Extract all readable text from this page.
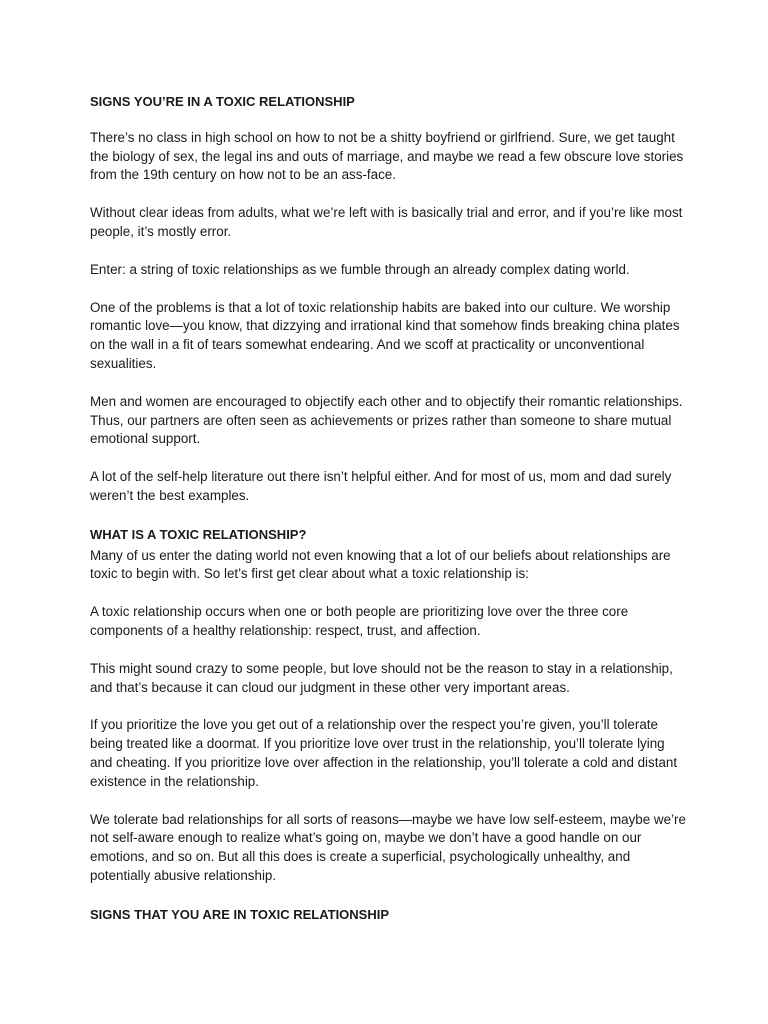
SIGNS YOU’RE IN A TOXIC RELATIONSHIP

There’s no class in high school on how to not be a shitty boyfriend or girlfriend. Sure, we get taught the biology of sex, the legal ins and outs of marriage, and maybe we read a few obscure love stories from the 19th century on how not to be an ass-face.

Without clear ideas from adults, what we’re left with is basically trial and error, and if you’re like most people, it’s mostly error.

Enter: a string of toxic relationships as we fumble through an already complex dating world.

One of the problems is that a lot of toxic relationship habits are baked into our culture. We worship romantic love—you know, that dizzying and irrational kind that somehow finds breaking china plates on the wall in a fit of tears somewhat endearing. And we scoff at practicality or unconventional sexualities.

Men and women are encouraged to objectify each other and to objectify their romantic relationships. Thus, our partners are often seen as achievements or prizes rather than someone to share mutual emotional support.

A lot of the self-help literature out there isn’t helpful either. And for most of us, mom and dad surely weren’t the best examples.

WHAT IS A TOXIC RELATIONSHIP?

Many of us enter the dating world not even knowing that a lot of our beliefs about relationships are toxic to begin with. So let’s first get clear about what a toxic relationship is:

A toxic relationship occurs when one or both people are prioritizing love over the three core components of a healthy relationship: respect, trust, and affection.

This might sound crazy to some people, but love should not be the reason to stay in a relationship, and that’s because it can cloud our judgment in these other very important areas.

If you prioritize the love you get out of a relationship over the respect you’re given, you’ll tolerate being treated like a doormat. If you prioritize love over trust in the relationship, you’ll tolerate lying and cheating. If you prioritize love over affection in the relationship, you’ll tolerate a cold and distant existence in the relationship.

We tolerate bad relationships for all sorts of reasons—maybe we have low self-esteem, maybe we’re not self-aware enough to realize what’s going on, maybe we don’t have a good handle on our emotions, and so on. But all this does is create a superficial, psychologically unhealthy, and potentially abusive relationship.

SIGNS THAT YOU ARE IN TOXIC RELATIONSHIP
